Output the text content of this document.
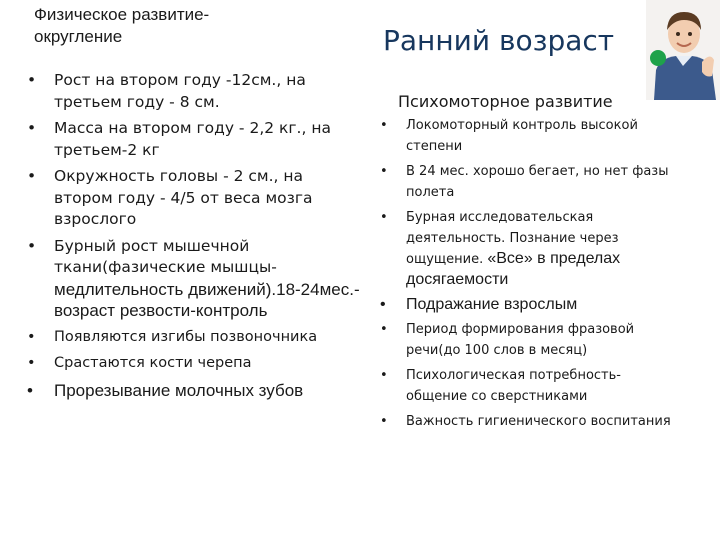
Физическое развитие-
округление	Ранний возраст
• Рост на втором году -12см., на третьем году - 8 см.
• Масса на втором году - 2,2 кг., на третьем-2 кг
• Окружность головы - 2 см., на втором году - 4/5 от веса мозга взрослого
• Бурный рост мышечной ткани(фазические мышцы-
медлительность движений).18-24мес.-возраст резвости-контроль
• Появляются изгибы позвоночника
• Срастаются кости черепа
• Прорезывание молочных зубов
Психомоторное развитие
• Локомоторный контроль высокой степени
• В 24 мес. хорошо бегает, но нет фазы полета
• Бурная исследовательская деятельность. Познание через ощущение. «Все» в пределах досягаемости
• Подражание взрослым
• Период формирования фразовой речи(до 100 слов в месяц)
• Психологическая потребность-общение со сверстниками
• Важность гигиенического воспитания
